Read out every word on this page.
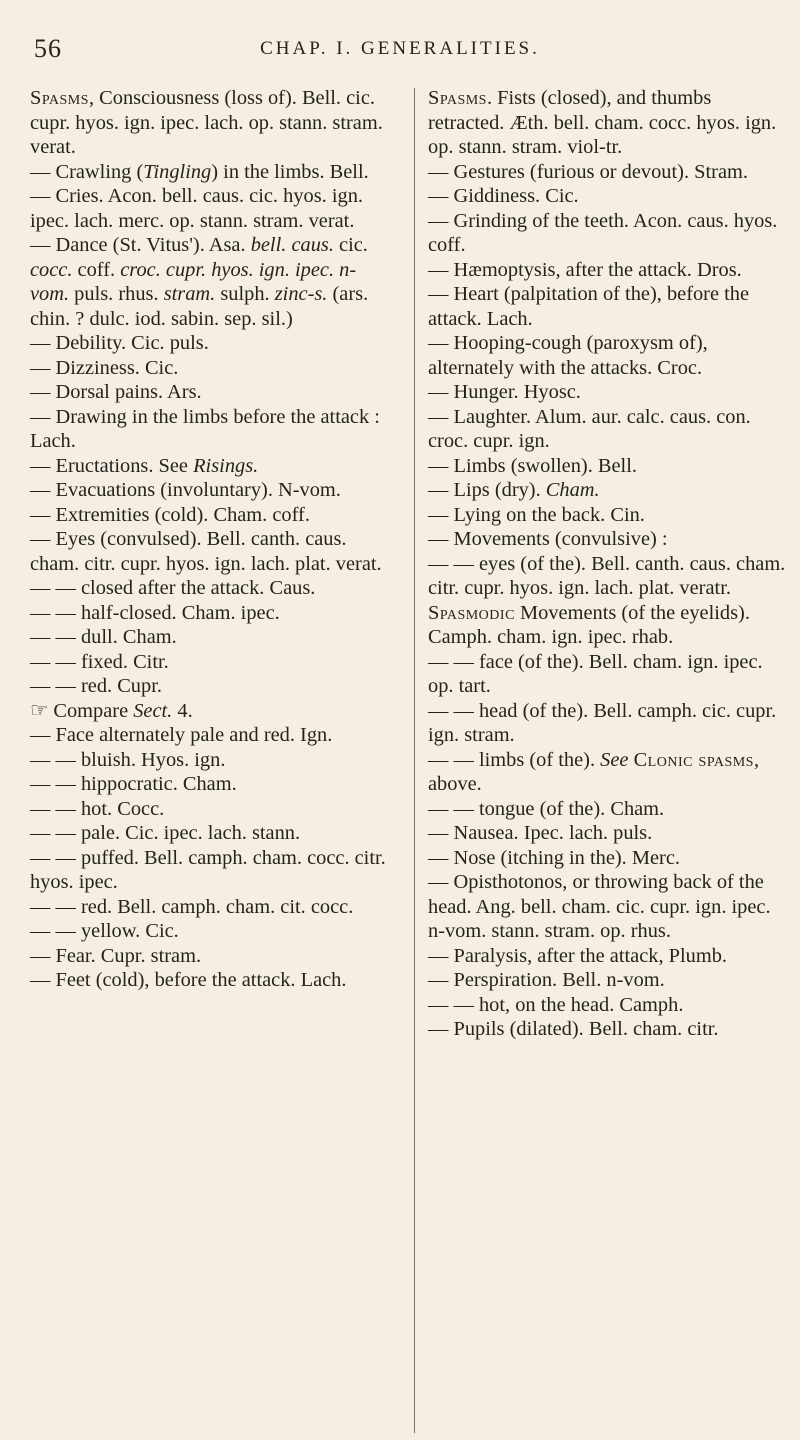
56	CHAP. I. GENERALITIES.

Spasms, Consciousness (loss of). Bell. cic. cupr. hyos. ign. ipec. lach. op. stann. stram. verat.

— Crawling (Tingling) in the limbs. Bell.

— Cries. Acon. bell. caus. cic. hyos. ign. ipec. lach. merc. op. stann. stram. verat.

— Dance (St. Vitus'). Asa. bell. caus. cic. cocc. coff. croc. cupr. hyos. ign. ipec. n-vom. puls. rhus. stram. sulph. zinc-s. (ars. chin. ? dulc. iod. sabin. sep. sil.)

— Debility. Cic. puls.

— Dizziness. Cic.

— Dorsal pains. Ars.

— Drawing in the limbs before the attack : Lach.

— Eructations. See Risings.

— Evacuations (involuntary). N-vom.

— Extremities (cold). Cham. coff.

— Eyes (convulsed). Bell. canth. caus. cham. citr. cupr. hyos. ign. lach. plat. verat.

— — closed after the attack. Caus.

— — half-closed. Cham. ipec.

— — dull. Cham.

— — fixed. Citr.

— — red. Cupr.

☞ Compare Sect. 4.

— Face alternately pale and red. Ign.

— — bluish. Hyos. ign.

— — hippocratic. Cham.

— — hot. Cocc.

— — pale. Cic. ipec. lach. stann.

— — puffed. Bell. camph. cham. cocc. citr. hyos. ipec.

— — red. Bell. camph. cham. cit. cocc.

— — yellow. Cic.

— Fear. Cupr. stram.

— Feet (cold), before the attack. Lach.

Spasms. Fists (closed), and thumbs retracted. Æth. bell. cham. cocc. hyos. ign. op. stann. stram. viol-tr.

— Gestures (furious or devout). Stram.

— Giddiness. Cic.

— Grinding of the teeth. Acon. caus. hyos. coff.

— Hæmoptysis, after the attack. Dros.

— Heart (palpitation of the), before the attack. Lach.

— Hooping-cough (paroxysm of), alternately with the attacks. Croc.

— Hunger. Hyosc.

— Laughter. Alum. aur. calc. caus. con. croc. cupr. ign.

— Limbs (swollen). Bell.

— Lips (dry). Cham.

— Lying on the back. Cin.

— Movements (convulsive) :

— — eyes (of the). Bell. canth. caus. cham. citr. cupr. hyos. ign. lach. plat. veratr.

Spasmodic Movements (of the eyelids). Camph. cham. ign. ipec. rhab.

— — face (of the). Bell. cham. ign. ipec. op. tart.

— — head (of the). Bell. camph. cic. cupr. ign. stram.

— — limbs (of the). See Clonic spasms, above.

— — tongue (of the). Cham.

— Nausea. Ipec. lach. puls.

— Nose (itching in the). Merc.

— Opisthotonos, or throwing back of the head. Ang. bell. cham. cic. cupr. ign. ipec. n-vom. stann. stram. op. rhus.

— Paralysis, after the attack, Plumb.

— Perspiration. Bell. n-vom.

— — hot, on the head. Camph.

— Pupils (dilated). Bell. cham. citr.
